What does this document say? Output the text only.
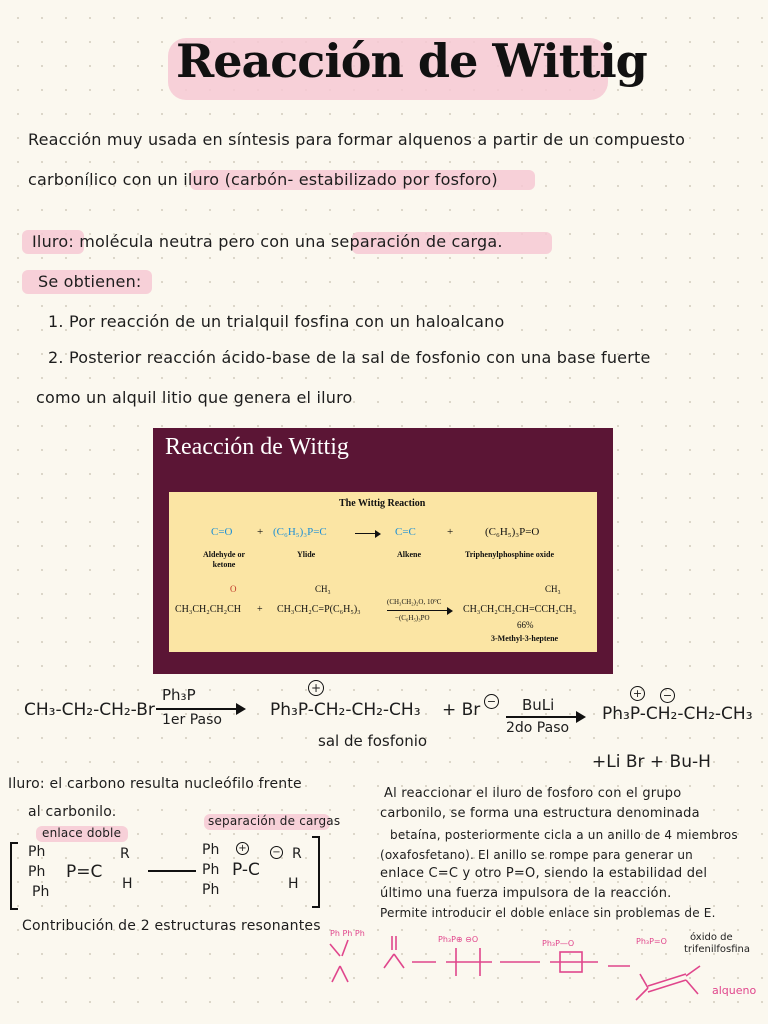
Reacción de Wittig
Reacción muy usada en síntesis para formar alquenos a partir de un compuesto
carbonílico con un iluro (carbón- estabilizado por fosforo)
Iluro: molécula neutra pero con una separación de carga.
Se obtienen:
1. Por reacción de un trialquil fosfina con un haloalcano
2. Posterior reacción ácido-base de la sal de fosfonio con una base fuerte
como un alquil litio que genera el iluro
Reacción de Wittig
The Wittig Reaction
C=O + (C₆H₅)₃P=C	C=C	+	(C₆H₅)₃P=O
Aldehyde or ketone
Ylide	Alkene	Triphenylphosphine oxide
O
CH₃CH₂CH₂CH +
CH₃
CH₃CH₂C=P(C₆H₅)₃
(CH₃CH₂)₂O, 10°C
−(C₆H₅)₃PO
CH₃
CH₃CH₂CH₂CH=CCH₂CH₃
66%
3-Methyl-3-heptene
CH₃-CH₂-CH₂-Br
Ph₃P
1er Paso
+
Ph₃P-CH₂-CH₂-CH₃
sal de fosfonio
+ Br − BuLi
2do Paso
+ −
Ph₃P-CH₂-CH₂-CH₃
+Li Br + Bu-H
Iluro: el carbono resulta nucleófilo frente
al carbonilo.
enlace doble
separación de cargas
Ph
Ph
Ph
P=C
R
H
Ph
Ph
Ph
P-C
+	− R
H
Contribución de 2 estructuras resonantes
Al reaccionar el iluro de fosforo con el grupo
carbonilo, se forma una estructura denominada
betaína, posteriormente cicla a un anillo de 4 miembros
(oxafosfetano). El anillo se rompe para generar un
enlace C=C y otro P=O, siendo la estabilidad del
último una fuerza impulsora de la reacción.
Permite introducir el doble enlace sin problemas de E.
Ph Ph Ph
Ph₃P⊕ ⊖O	Ph₃P—O	Ph₃P=O
alqueno
óxido de trifenilfosfina
